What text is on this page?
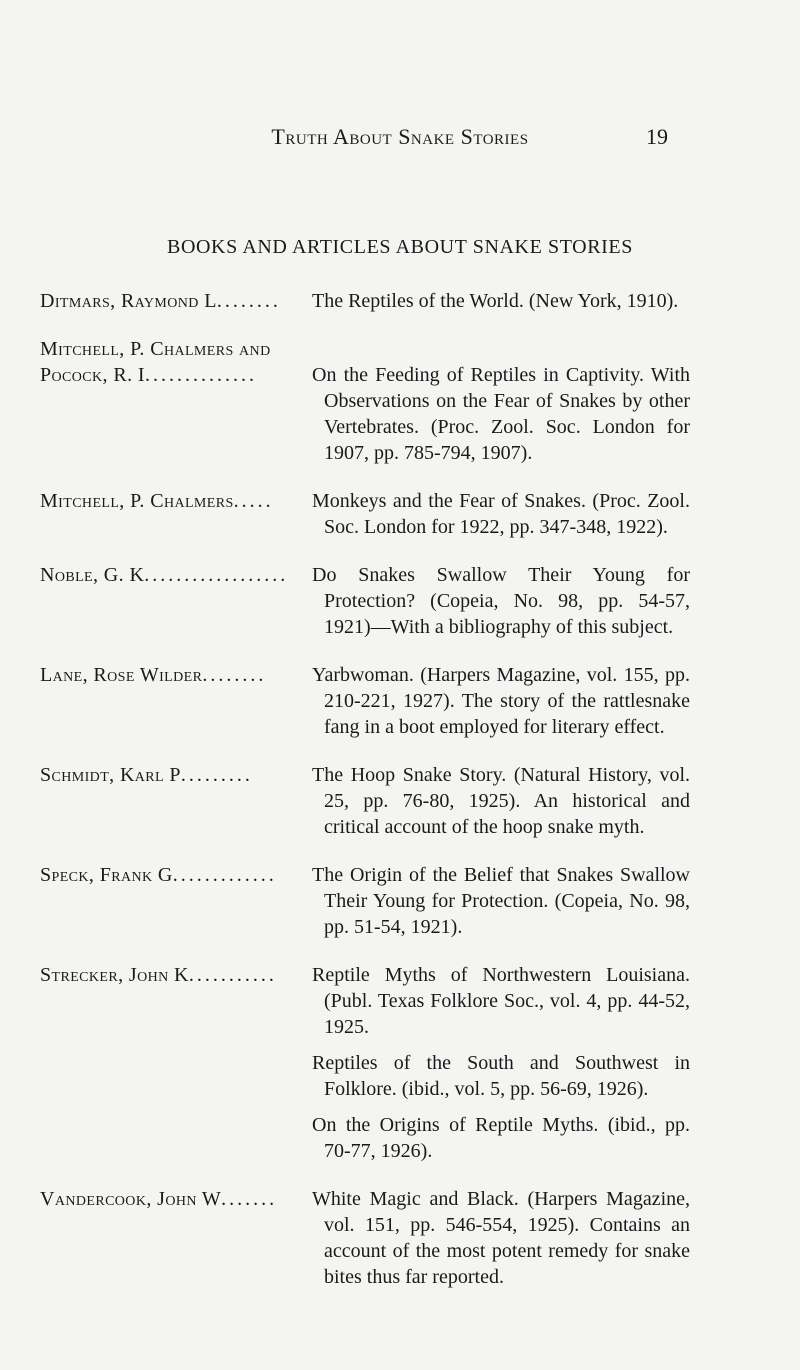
Truth About Snake Stories	19
BOOKS AND ARTICLES ABOUT SNAKE STORIES
Ditmars, Raymond L........	The Reptiles of the World. (New York, 1910).
Mitchell, P. Chalmers and
Pocock, R. I..............	On the Feeding of Reptiles in Captivity. With Observations on the Fear of Snakes by other Vertebrates. (Proc. Zool. Soc. London for 1907, pp. 785-794, 1907).
Mitchell, P. Chalmers.....	Monkeys and the Fear of Snakes. (Proc. Zool. Soc. London for 1922, pp. 347-348, 1922).
Noble, G. K..................	Do Snakes Swallow Their Young for Protection? (Copeia, No. 98, pp. 54-57, 1921)—With a bibliography of this subject.
Lane, Rose Wilder........	Yarbwoman. (Harpers Magazine, vol. 155, pp. 210-221, 1927). The story of the rattlesnake fang in a boot employed for literary effect.
Schmidt, Karl P.........	The Hoop Snake Story. (Natural History, vol. 25, pp. 76-80, 1925). An historical and critical account of the hoop snake myth.
Speck, Frank G.............	The Origin of the Belief that Snakes Swallow Their Young for Protection. (Copeia, No. 98, pp. 51-54, 1921).
Strecker, John K...........	Reptile Myths of Northwestern Louisiana. (Publ. Texas Folklore Soc., vol. 4, pp. 44-52, 1925.
Reptiles of the South and Southwest in Folklore. (ibid., vol. 5, pp. 56-69, 1926).
On the Origins of Reptile Myths. (ibid., pp. 70-77, 1926).
Vandercook, John W.......	White Magic and Black. (Harpers Magazine, vol. 151, pp. 546-554, 1925). Contains an account of the most potent remedy for snake bites thus far reported.
